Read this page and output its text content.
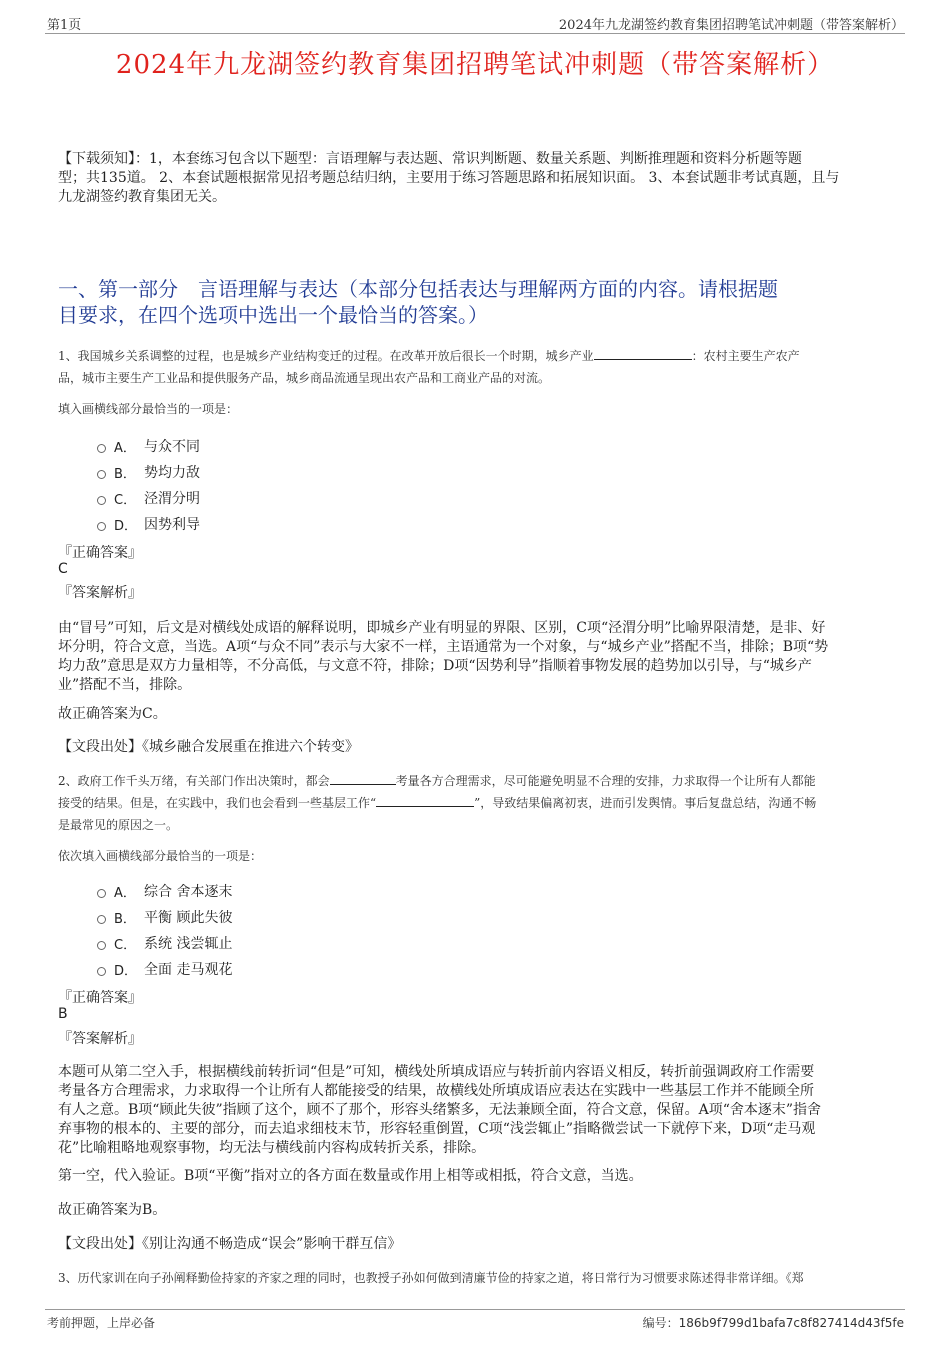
第1页	2024年九龙湖签约教育集团招聘笔试冲刺题（带答案解析）
2024年九龙湖签约教育集团招聘笔试冲刺题（带答案解析）
【下载须知】：1，本套练习包含以下题型：言语理解与表达题、常识判断题、数量关系题、判断推理题和资料分析题等题
型；共135道。 2、本套试题根据常见招考题总结归纳，主要用于练习答题思路和拓展知识面。 3、本套试题非考试真题，且与
九龙湖签约教育集团无关。
一、第一部分　言语理解与表达（本部分包括表达与理解两方面的内容。请根据题
目要求，在四个选项中选出一个最恰当的答案。）
1、我国城乡关系调整的过程，也是城乡产业结构变迁的过程。在改革开放后很长一个时期，城乡产业	：农村主要生产农产
品，城市主要生产工业品和提供服务产品，城乡商品流通呈现出农产品和工商业产品的对流。
填入画横线部分最恰当的一项是：
A． 与众不同
B． 势均力敌
C． 泾渭分明
D． 因势利导
『正确答案』
C
『答案解析』
由“冒号”可知，后文是对横线处成语的解释说明，即城乡产业有明显的界限、区别，C项“泾渭分明”比喻界限清楚，是非、好
坏分明，符合文意，当选。A项“与众不同”表示与大家不一样，主语通常为一个对象，与“城乡产业”搭配不当，排除；B项“势
均力敌”意思是双方力量相等，不分高低，与文意不符，排除；D项“因势利导”指顺着事物发展的趋势加以引导，与“城乡产
业”搭配不当，排除。
故正确答案为C。
【文段出处】《城乡融合发展重在推进六个转变》
2、政府工作千头万绪，有关部门作出决策时，都会	考量各方合理需求，尽可能避免明显不合理的安排，力求取得一个让所有人都能
接受的结果。但是，在实践中，我们也会看到一些基层工作“	”，导致结果偏离初衷，进而引发舆情。事后复盘总结，沟通不畅
是最常见的原因之一。
依次填入画横线部分最恰当的一项是：
A． 综合 舍本逐末
B． 平衡 顾此失彼
C． 系统 浅尝辄止
D． 全面 走马观花
『正确答案』
B
『答案解析』
本题可从第二空入手，根据横线前转折词“但是”可知，横线处所填成语应与转折前内容语义相反，转折前强调政府工作需要
考量各方合理需求，力求取得一个让所有人都能接受的结果，故横线处所填成语应表达在实践中一些基层工作并不能顾全所
有人之意。B项“顾此失彼”指顾了这个，顾不了那个，形容头绪繁多，无法兼顾全面，符合文意，保留。A项“舍本逐末”指舍
弃事物的根本的、主要的部分，而去追求细枝末节，形容轻重倒置，C项“浅尝辄止”指略微尝试一下就停下来，D项“走马观
花”比喻粗略地观察事物，均无法与横线前内容构成转折关系，排除。
第一空，代入验证。B项“平衡”指对立的各方面在数量或作用上相等或相抵，符合文意，当选。
故正确答案为B。
【文段出处】《别让沟通不畅造成“误会”影响干群互信》
3、历代家训在向子孙阐释勤俭持家的齐家之理的同时，也教授子孙如何做到清廉节俭的持家之道，将日常行为习惯要求陈述得非常详细。《郑
考前押题，上岸必备	编号：186b9f799d1bafa7c8f827414d43f5fe
